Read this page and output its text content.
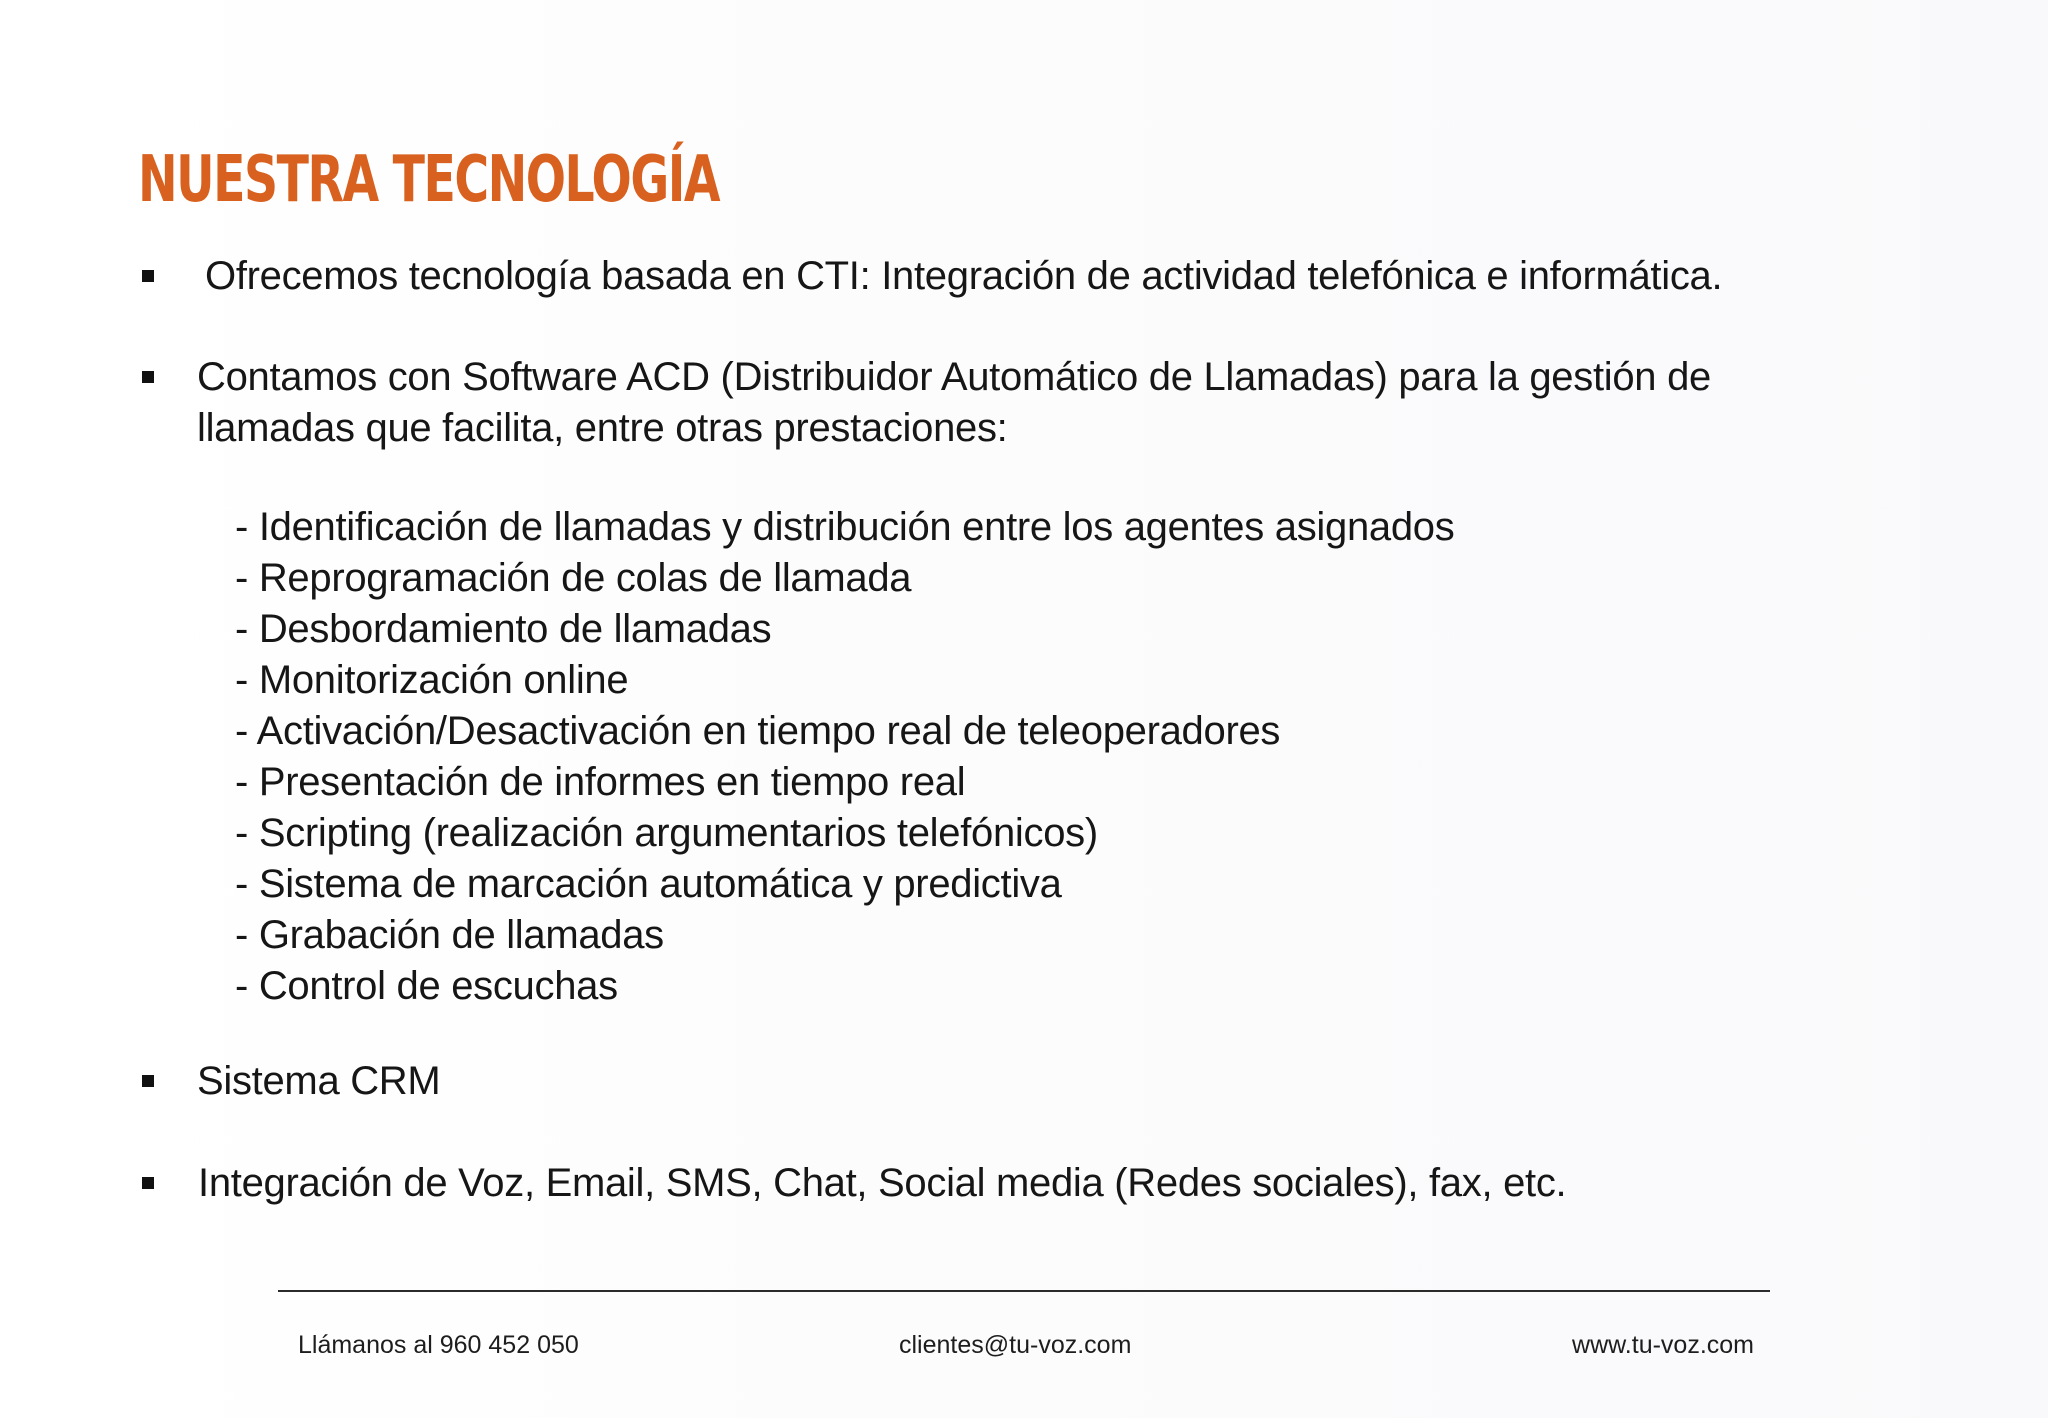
NUESTRA TECNOLOGÍA
Ofrecemos tecnología basada en CTI: Integración de actividad telefónica e informática.
Contamos con Software ACD (Distribuidor Automático de Llamadas) para la gestión de
llamadas que facilita, entre otras prestaciones:
- Identificación de llamadas y distribución entre los agentes asignados
- Reprogramación de colas de llamada
- Desbordamiento de llamadas
- Monitorización online
- Activación/Desactivación en tiempo real de teleoperadores
- Presentación de informes en tiempo real
- Scripting (realización argumentarios telefónicos)
- Sistema de marcación automática y predictiva
- Grabación de llamadas
- Control de escuchas
Sistema CRM
Integración de Voz, Email, SMS, Chat, Social media (Redes sociales), fax, etc.
Llámanos al 960 452 050	clientes@tu-voz.com	www.tu-voz.com
